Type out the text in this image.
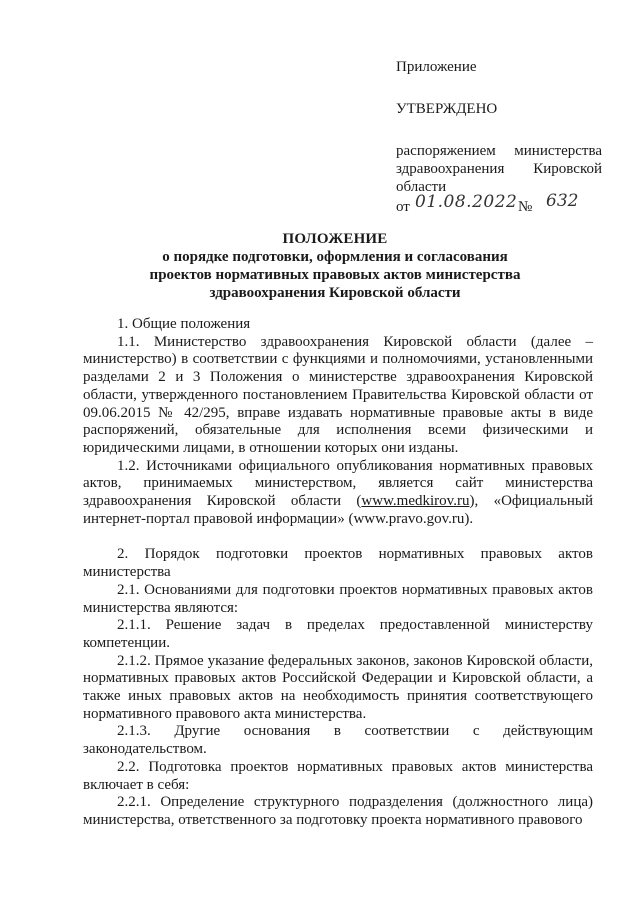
Приложение
УТВЕРЖДЕНО
распоряжением министерства
здравоохранения Кировской
области
от 01.08.2022 № 632
ПОЛОЖЕНИЕ
о порядке подготовки, оформления и согласования
проектов нормативных правовых актов министерства
здравоохранения Кировской области

1. Общие положения

1.1. Министерство здравоохранения Кировской области (далее – министерство) в соответствии с функциями и полномочиями, установленными разделами 2 и 3 Положения о министерстве здравоохранения Кировской области, утвержденного постановлением Правительства Кировской области от 09.06.2015 № 42/295, вправе издавать нормативные правовые акты в виде распоряжений, обязательные для исполнения всеми физическими и юридическими лицами, в отношении которых они изданы.

1.2. Источниками официального опубликования нормативных правовых актов, принимаемых министерством, является сайт министерства здравоохранения Кировской области (www.medkirov.ru), «Официальный интернет-портал правовой информации» (www.pravo.gov.ru).

2. Порядок подготовки проектов нормативных правовых актов министерства

2.1. Основаниями для подготовки проектов нормативных правовых актов министерства являются:

2.1.1. Решение задач в пределах предоставленной министерству компетенции.

2.1.2. Прямое указание федеральных законов, законов Кировской области, нормативных правовых актов Российской Федерации и Кировской области, а также иных правовых актов на необходимость принятия соответствующего нормативного правового акта министерства.

2.1.3. Другие основания в соответствии с действующим законодательством.

2.2. Подготовка проектов нормативных правовых актов министерства включает в себя:

2.2.1. Определение структурного подразделения (должностного лица) министерства, ответственного за подготовку проекта нормативного правового
